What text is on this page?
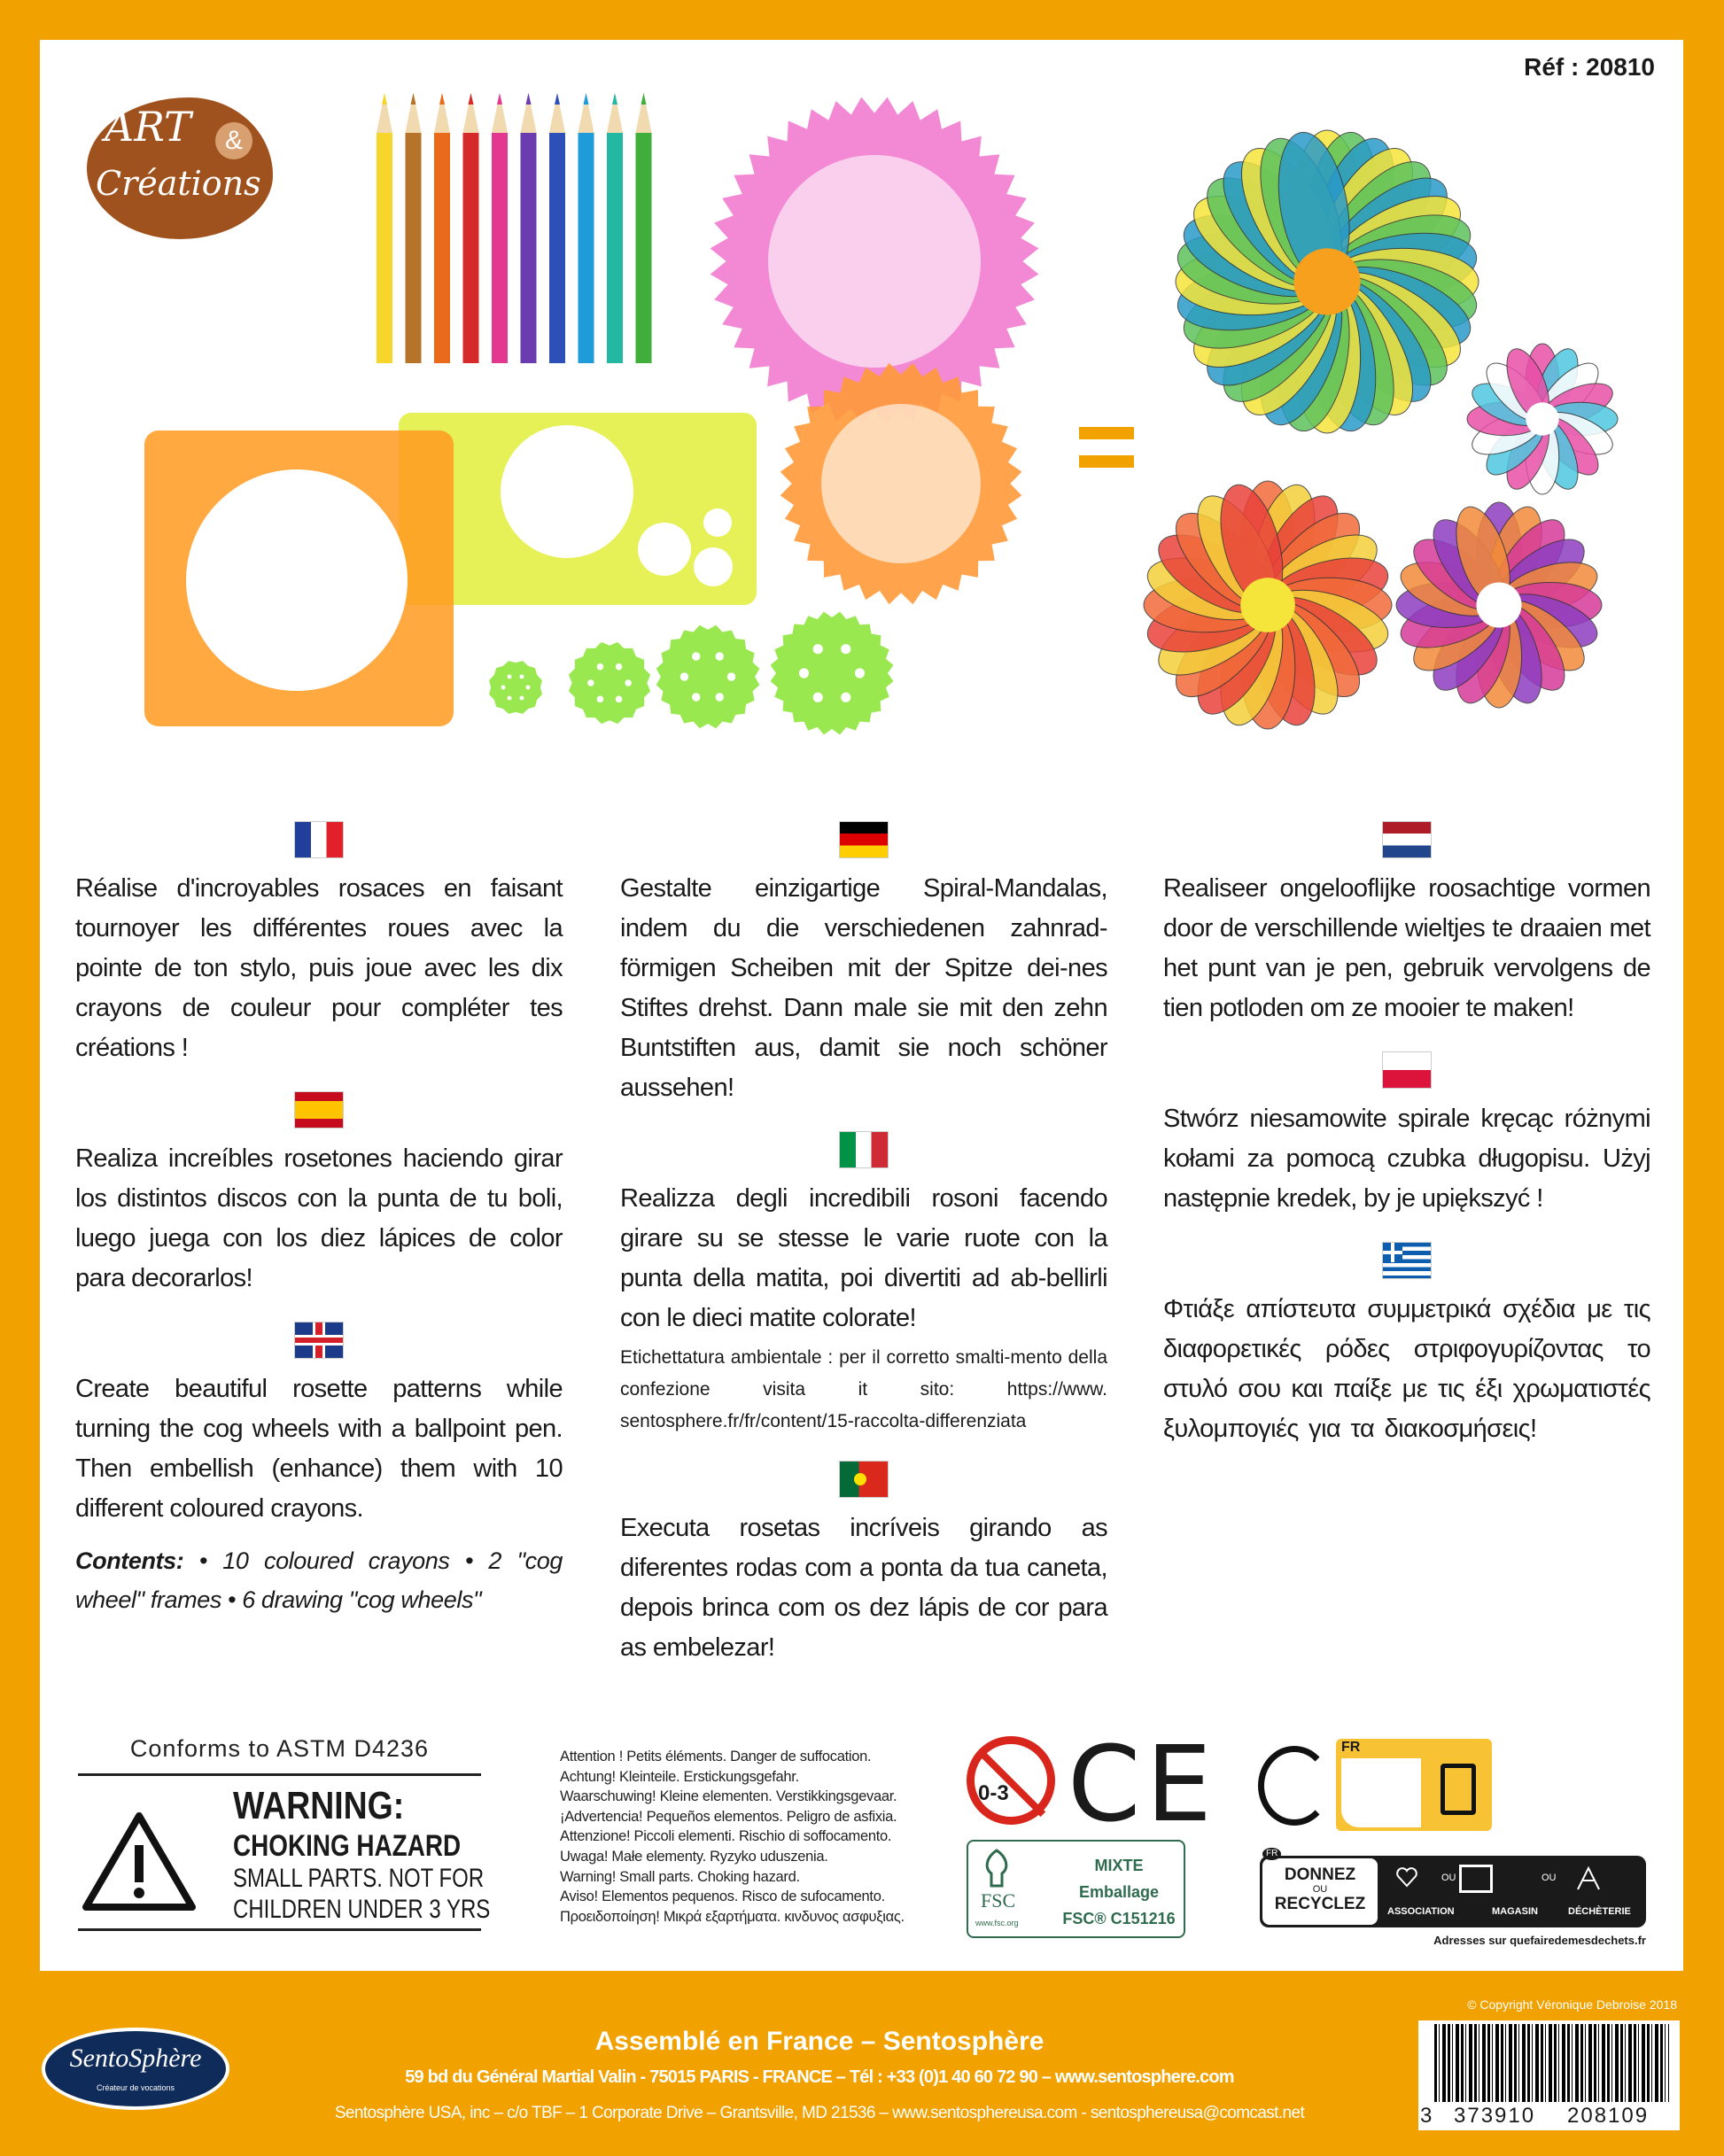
Réf : 20810
ART	&
Créations
Réalise d'incroyables rosaces en faisant tournoyer les différentes roues avec la pointe de ton stylo, puis joue avec les dix crayons de couleur pour compléter tes créations !
Realiza increíbles rosetones haciendo girar los distintos discos con la punta de tu boli, luego juega con los diez lápices de color para decorarlos!
Create beautiful rosette patterns while turning the cog wheels with a ballpoint pen. Then embellish (enhance) them with 10 different coloured crayons.
Contents: • 10 coloured crayons • 2 "cog wheel" frames • 6 drawing "cog wheels"
Gestalte einzigartige Spiral-Mandalas, indem du die verschiedenen zahnrad-förmigen Scheiben mit der Spitze dei-nes Stiftes drehst. Dann male sie mit den zehn Buntstiften aus, damit sie noch schöner aussehen!
Realizza degli incredibili rosoni facendo girare su se stesse le varie ruote con la punta della matita, poi divertiti ad ab-bellirli con le dieci matite colorate!
Etichettatura ambientale : per il corretto smalti-mento della confezione visita it sito: https://www. sentosphere.fr/fr/content/15-raccolta-differenziata
Executa rosetas incríveis girando as diferentes rodas com a ponta da tua caneta, depois brinca com os dez lápis de cor para as embelezar!
Realiseer ongelooflijke roosachtige vormen door de verschillende wieltjes te draaien met het punt van je pen, gebruik vervolgens de tien potloden om ze mooier te maken!
Stwórz niesamowite spirale kręcąc różnymi kołami za pomocą czubka długopisu. Użyj następnie kredek, by je upiększyć !
Φτιάξε απίστευτα συμμετρικά σχέδια με τις διαφορετικές ρόδες στριφογυρίζοντας το στυλό σου και παίξε με τις έξι χρωματιστές ξυλομπογιές για τα διακοσμήσεις!
Conforms to ASTM D4236
WARNING:
CHOKING HAZARD
SMALL PARTS. NOT FOR
CHILDREN UNDER 3 YRS
Attention ! Petits éléments. Danger de suffocation.
Achtung! Kleinteile. Erstickungsgefahr.
Waarschuwing! Kleine elementen. Verstikkingsgevaar.
¡Advertencia! Pequeños elementos. Peligro de asfixia.
Attenzione! Piccoli elementi. Rischio di soffocamento.
Uwaga! Małe elementy. Ryzyko uduszenia.
Warning! Small parts. Choking hazard.
Aviso! Elementos pequenos. Risco de sufocamento.
Προειδοποίηση! Μικρά εξαρτήματα. κινδυνος ασφυξιας.
0-3 CE
FSC
www.fsc.org
MIXTE
Emballage
FSC® C151216
FR
DONNEZ
OU
RECYCLEZ
FR
OU	OU
ASSOCIATION	MAGASIN	DÉCHÈTERIE
Adresses sur quefairedemesdechets.fr
SentoSphère
Créateur de vocations
Assemblé en France – Sentosphère
59 bd du Général Martial Valin - 75015 PARIS - FRANCE – Tél : +33 (0)1 40 60 72 90 – www.sentosphere.com
Sentosphère USA, inc – c/o TBF – 1 Corporate Drive – Grantsville, MD 21536 – www.sentosphereusa.com - sentosphereusa@comcast.net
© Copyright Véronique Debroise 2018
3 373910 208109
